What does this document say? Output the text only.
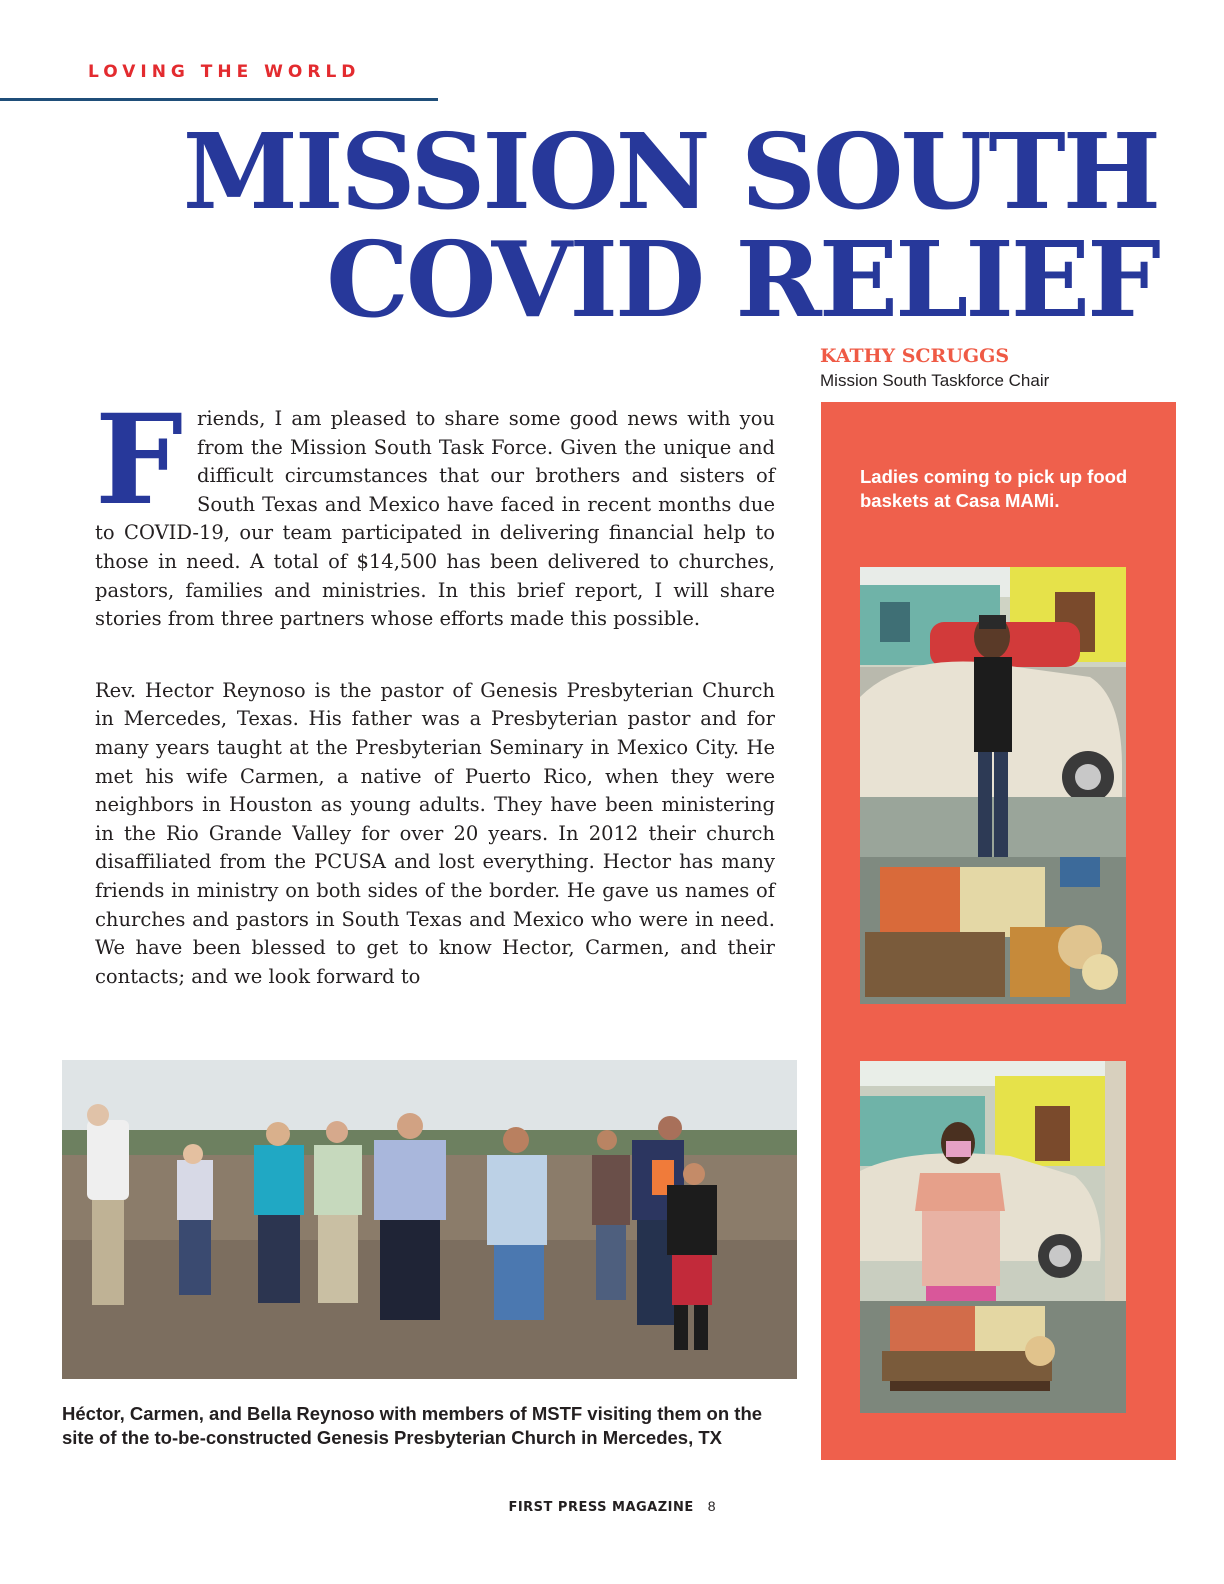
LOVING THE WORLD
MISSION SOUTH
COVID RELIEF
KATHY SCRUGGS
Mission South Taskforce Chair

Friends, I am pleased to share some good news with you from the Mission South Task Force. Given the unique and difficult circumstances that our brothers and sisters of South Texas and Mexico have faced in recent months due to COVID-19, our team participated in delivering financial help to those in need. A total of $14,500 has been delivered to churches, pastors, families and ministries. In this brief report, I will share stories from three partners whose efforts made this possible.

Rev. Hector Reynoso is the pastor of Genesis Presbyterian Church in Mercedes, Texas. His father was a Presbyterian pastor and for many years taught at the Presbyterian Seminary in Mexico City. He met his wife Carmen, a native of Puerto Rico, when they were neighbors in Houston as young adults. They have been ministering in the Rio Grande Valley for over 20 years. In 2012 their church disaffiliated from the PCUSA and lost everything. Hector has many friends in ministry on both sides of the border. He gave us names of churches and pastors in South Texas and Mexico who were in need. We have been blessed to get to know Hector, Carmen, and their contacts; and we look forward to

Ladies coming to pick up food baskets at Casa MAMi.
Héctor, Carmen, and Bella Reynoso with members of MSTF visiting them on the site of the to-be-constructed Genesis Presbyterian Church in Mercedes, TX
FIRST PRESS MAGAZINE 8
